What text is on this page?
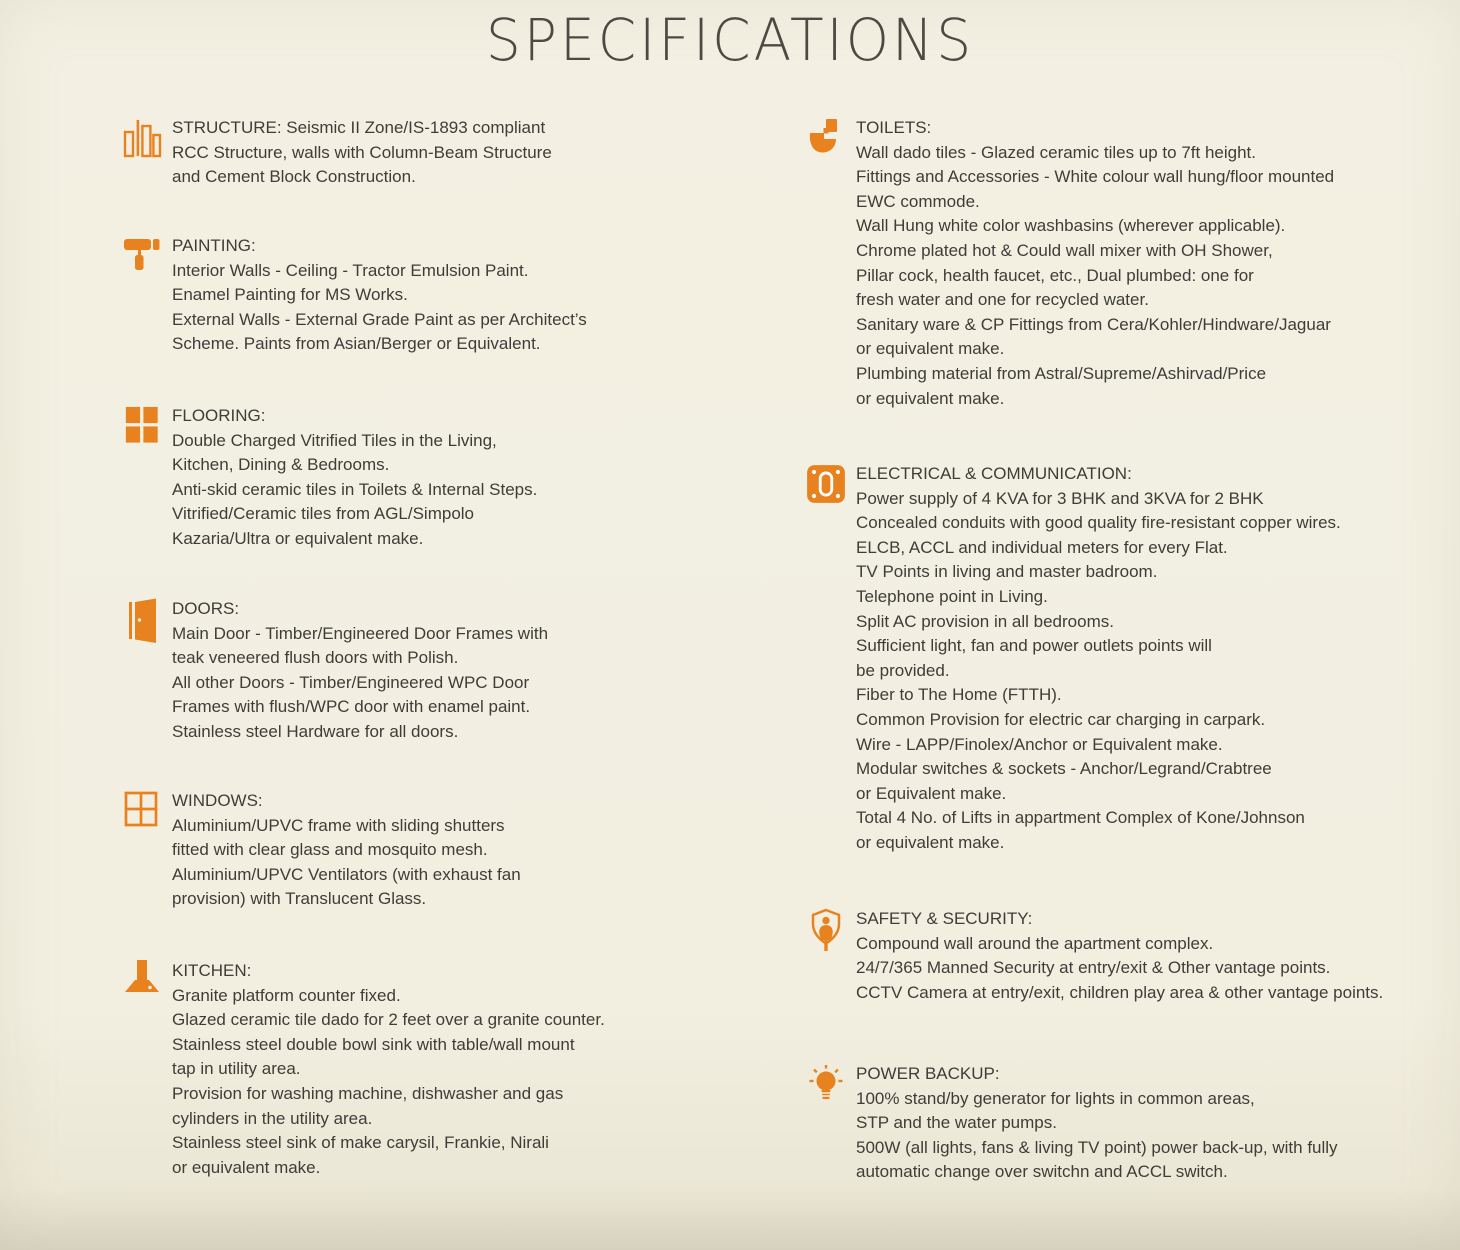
SPECIFICATIONS
STRUCTURE: Seismic II Zone/IS-1893 compliant
RCC Structure, walls with Column-Beam Structure
and Cement Block Construction.
PAINTING:
Interior Walls - Ceiling - Tractor Emulsion Paint.
Enamel Painting for MS Works.
External Walls - External Grade Paint as per Architect’s
Scheme. Paints from Asian/Berger or Equivalent.
FLOORING:
Double Charged Vitrified Tiles in the Living,
Kitchen, Dining & Bedrooms.
Anti-skid ceramic tiles in Toilets & Internal Steps.
Vitrified/Ceramic tiles from AGL/Simpolo
Kazaria/Ultra or equivalent make.
DOORS:
Main Door - Timber/Engineered Door Frames with
teak veneered flush doors with Polish.
All other Doors - Timber/Engineered WPC Door
Frames with flush/WPC door with enamel paint.
Stainless steel Hardware for all doors.
WINDOWS:
Aluminium/UPVC frame with sliding shutters
fitted with clear glass and mosquito mesh.
Aluminium/UPVC Ventilators (with exhaust fan
provision) with Translucent Glass.
KITCHEN:
Granite platform counter fixed.
Glazed ceramic tile dado for 2 feet over a granite counter.
Stainless steel double bowl sink with table/wall mount
tap in utility area.
Provision for washing machine, dishwasher and gas
cylinders in the utility area.
Stainless steel sink of make carysil, Frankie, Nirali
or equivalent make.
TOILETS:
Wall dado tiles - Glazed ceramic tiles up to 7ft height.
Fittings and Accessories - White colour wall hung/floor mounted
EWC commode.
Wall Hung white color washbasins (wherever applicable).
Chrome plated hot & Could wall mixer with OH Shower,
Pillar cock, health faucet, etc., Dual plumbed: one for
fresh water and one for recycled water.
Sanitary ware & CP Fittings from Cera/Kohler/Hindware/Jaguar
or equivalent make.
Plumbing material from Astral/Supreme/Ashirvad/Price
or equivalent make.
ELECTRICAL & COMMUNICATION:
Power supply of 4 KVA for 3 BHK and 3KVA for 2 BHK
Concealed conduits with good quality fire-resistant copper wires.
ELCB, ACCL and individual meters for every Flat.
TV Points in living and master badroom.
Telephone point in Living.
Split AC provision in all bedrooms.
Sufficient light, fan and power outlets points will
be provided.
Fiber to The Home (FTTH).
Common Provision for electric car charging in carpark.
Wire - LAPP/Finolex/Anchor or Equivalent make.
Modular switches & sockets - Anchor/Legrand/Crabtree
or Equivalent make.
Total 4 No. of Lifts in appartment Complex of Kone/Johnson
or equivalent make.
SAFETY & SECURITY:
Compound wall around the apartment complex.
24/7/365 Manned Security at entry/exit & Other vantage points.
CCTV Camera at entry/exit, children play area & other vantage points.
POWER BACKUP:
100% stand/by generator for lights in common areas,
STP and the water pumps.
500W (all lights, fans & living TV point) power back-up, with fully
automatic change over switchn and ACCL switch.
